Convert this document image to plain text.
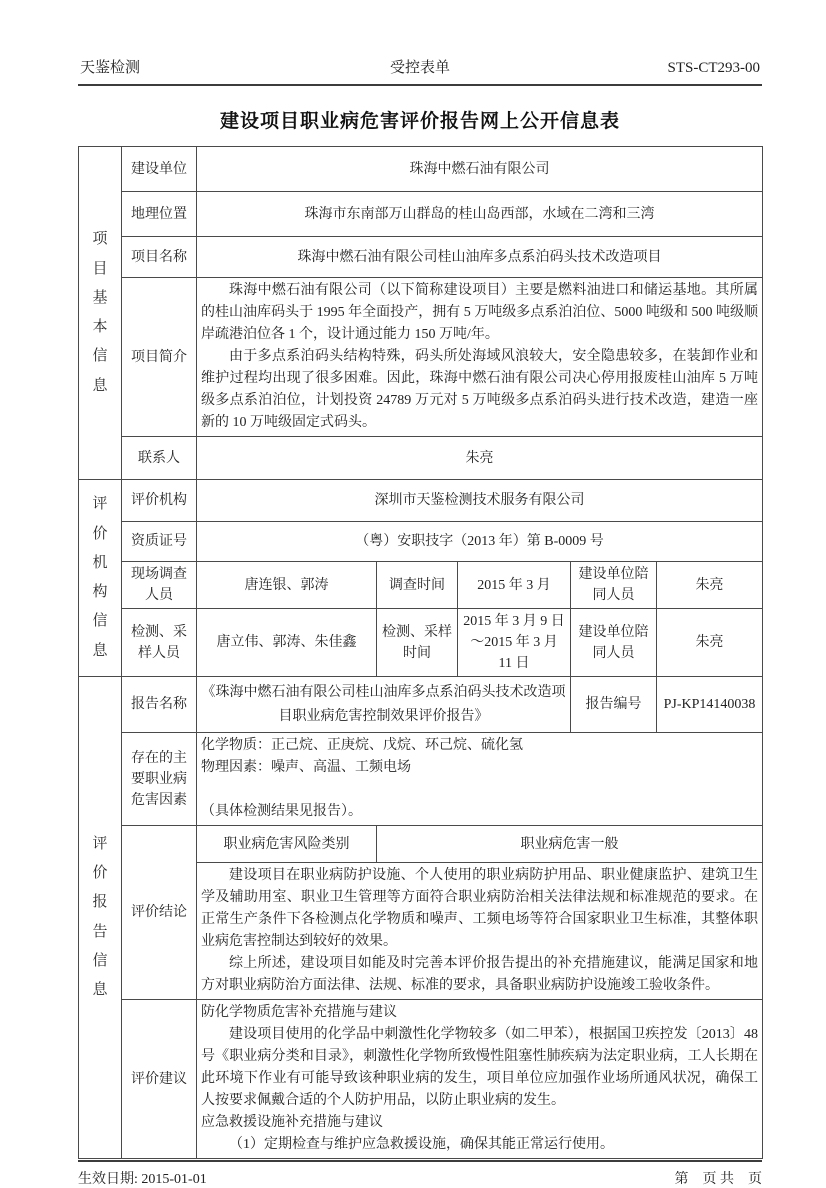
天鉴检测	受控表单	STS-CT293-00
建设项目职业病危害评价报告网上公开信息表
项目基本信息	建设单位	珠海中燃石油有限公司				
	地理位置	珠海市东南部万山群岛的桂山岛西部，水域在二湾和三湾				
	项目名称	珠海中燃石油有限公司桂山油库多点系泊码头技术改造项目				
	项目简介	珠海中燃石油有限公司（以下简称建设项目）主要是燃料油进口和储运基地。其所属的桂山油库码头于 1995 年全面投产，拥有 5 万吨级多点系泊泊位、5000 吨级和 500 吨级顺岸疏港泊位各 1 个，设计通过能力 150 万吨/年。

由于多点系泊码头结构特殊，码头所处海域风浪较大，安全隐患较多，在装卸作业和维护过程均出现了很多困难。因此，珠海中燃石油有限公司决心停用报废桂山油库 5 万吨级多点系泊泊位，计划投资 24789 万元对 5 万吨级多点系泊码头进行技术改造，建造一座新的 10 万吨级固定式码头。				

	联系人	朱亮				

评价机构信息	评价机构	深圳市天鉴检测技术服务有限公司				
	资质证号	（粤）安职技字（2013 年）第 B-0009 号				
	现场调查人员	唐连银、郭涛	调查时间	2015 年 3 月	建设单位陪同人员	朱亮
	检测、采样人员	唐立伟、郭涛、朱佳鑫	检测、采样时间	2015 年 3 月 9 日～2015 年 3 月 11 日	建设单位陪同人员	朱亮

评价报告信息	报告名称	《珠海中燃石油有限公司桂山油库多点系泊码头技术改造项目职业病危害控制效果评价报告》			报告编号	PJ-KP14140038
	存在的主要职业病危害因素	化学物质：正己烷、正庚烷、戊烷、环己烷、硫化氢

物理因素：噪声、高温、工频电场

（具体检测结果见报告）。				

	评价结论	职业病危害风险类别	职业病危害一般			

		建设项目在职业病防护设施、个人使用的职业病防护用品、职业健康监护、建筑卫生学及辅助用室、职业卫生管理等方面符合职业病防治相关法律法规和标准规范的要求。在正常生产条件下各检测点化学物质和噪声、工频电场等符合国家职业卫生标准，其整体职业病危害控制达到较好的效果。

综上所述，建设项目如能及时完善本评价报告提出的补充措施建议，能满足国家和地方对职业病防治方面法律、法规、标准的要求，具备职业病防护设施竣工验收条件。				

	评价建议	防化学物质危害补充措施与建议

建设项目使用的化学品中刺激性化学物较多（如二甲苯），根据国卫疾控发〔2013〕48 号《职业病分类和目录》，刺激性化学物所致慢性阻塞性肺疾病为法定职业病，工人长期在此环境下作业有可能导致该种职业病的发生，项目单位应加强作业场所通风状况，确保工人按要求佩戴合适的个人防护用品，以防止职业病的发生。

应急救援设施补充措施与建议

（1）定期检查与维护应急救援设施，确保其能正常运行使用。				

生效日期: 2015-01-01	第　页 共　页
